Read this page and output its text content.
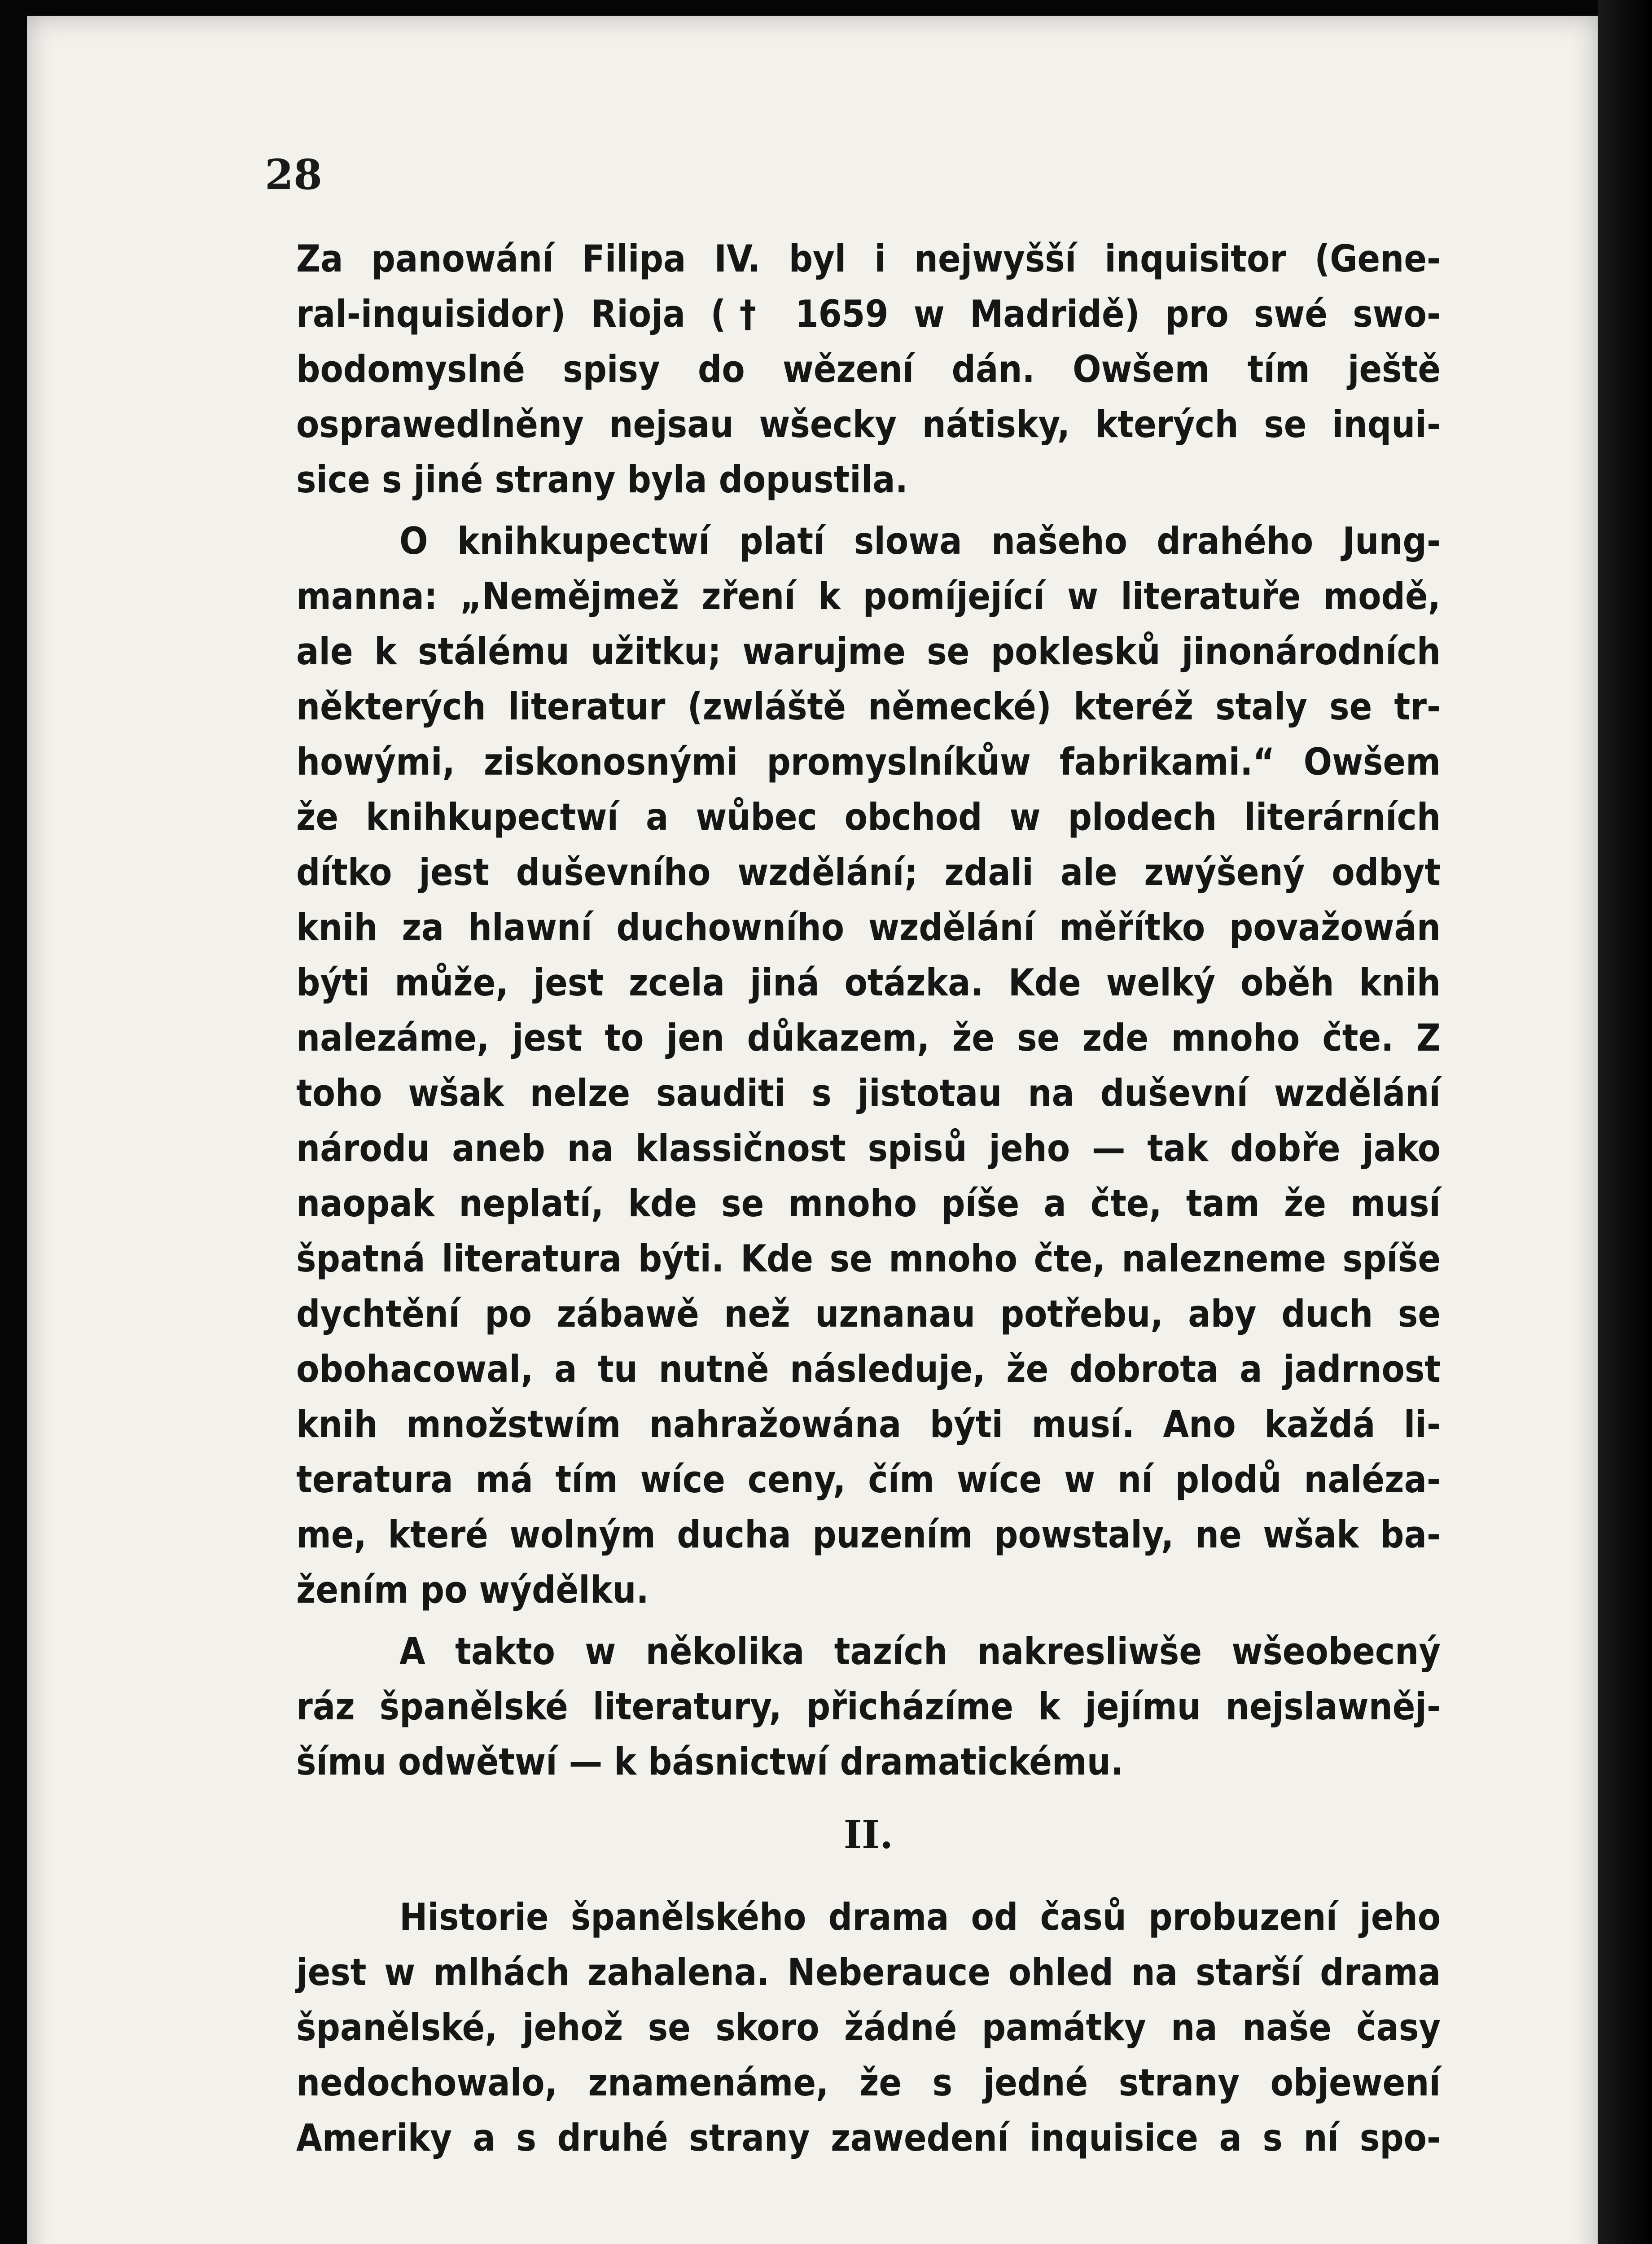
28
Za panowání Filipa IV. byl i nejwyšší inquisitor (Gene-
ral-inquisidor) Rioja († 1659 w Madridě) pro swé swo-
bodomyslné spisy do wězení dán. Owšem tím ještě
osprawedlněny nejsau wšecky nátisky, kterých se inqui-
sice s jiné strany byla dopustila.
O knihkupectwí platí slowa našeho drahého Jung-
manna: „Nemějmež zření k pomíjející w literatuře modě,
ale k stálému užitku; warujme se poklesků jinonárodních
některých literatur (zwláště německé) kteréž staly se tr-
howými, ziskonosnými promyslníkůw fabrikami.“ Owšem
že knihkupectwí a wůbec obchod w plodech literárních
dítko jest duševního wzdělání; zdali ale zwýšený odbyt
knih za hlawní duchowního wzdělání měřítko považowán
býti může, jest zcela jiná otázka. Kde welký oběh knih
nalezáme, jest to jen důkazem, že se zde mnoho čte. Z
toho wšak nelze sauditi s jistotau na duševní wzdělání
národu aneb na klassičnost spisů jeho — tak dobře jako
naopak neplatí, kde se mnoho píše a čte, tam že musí
špatná literatura býti. Kde se mnoho čte, nalezneme spíše
dychtění po zábawě než uznanau potřebu, aby duch se
obohacowal, a tu nutně následuje, že dobrota a jadrnost
knih množstwím nahražowána býti musí. Ano každá li-
teratura má tím wíce ceny, čím wíce w ní plodů naléza-
me, které wolným ducha puzením powstaly, ne wšak ba-
žením po wýdělku.
A takto w několika tazích nakresliwše wšeobecný
ráz španělské literatury, přicházíme k jejímu nejslawněj-
šímu odwětwí — k básnictwí dramatickému.
II.
Historie španělského drama od časů probuzení jeho
jest w mlhách zahalena. Neberauce ohled na starší drama
španělské, jehož se skoro žádné památky na naše časy
nedochowalo, znamenáme, že s jedné strany objewení
Ameriky a s druhé strany zawedení inquisice a s ní spo-
